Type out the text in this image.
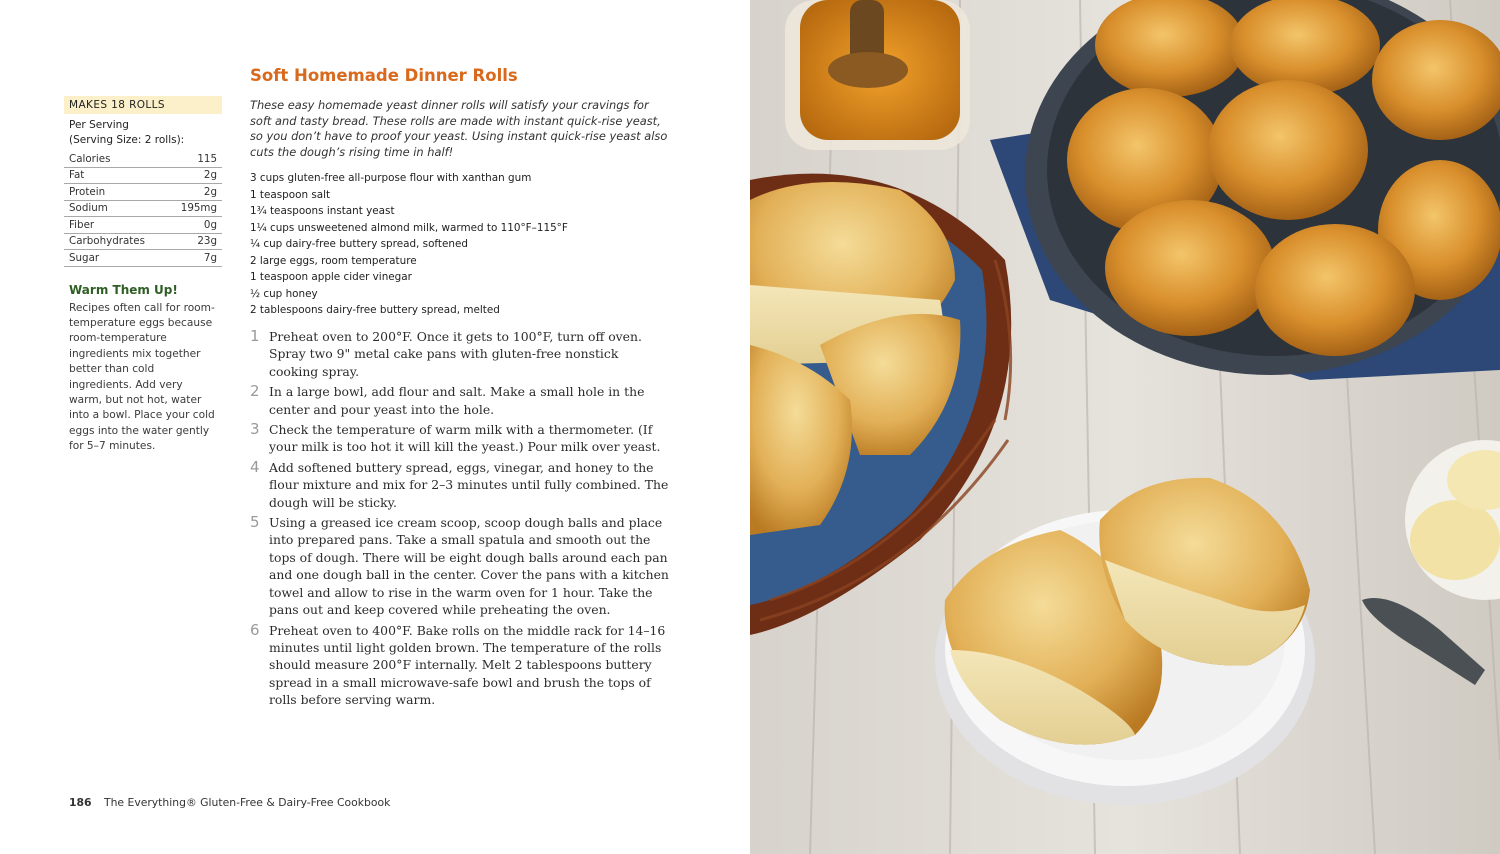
MAKES 18 ROLLS
Per Serving
(Serving Size: 2 rolls):
Calories	115
Fat	2g
Protein	2g
Sodium	195mg
Fiber	0g
Carbohydrates	23g
Sugar	7g
Warm Them Up!
Recipes often call for room-temperature eggs because room-temperature ingredients mix together better than cold ingredients. Add very warm, but not hot, water into a bowl. Place your cold eggs into the water gently for 5–7 minutes.
Soft Homemade Dinner Rolls

These easy homemade yeast dinner rolls will satisfy your cravings for soft and tasty bread. These rolls are made with instant quick-rise yeast, so you don’t have to proof your yeast. Using instant quick-rise yeast also cuts the dough’s rising time in half!

3 cups gluten-free all-purpose flour with xanthan gum
1 teaspoon salt
1¾ teaspoons instant yeast
1¼ cups unsweetened almond milk, warmed to 110°F–115°F
¼ cup dairy-free buttery spread, softened
2 large eggs, room temperature
1 teaspoon apple cider vinegar
½ cup honey
2 tablespoons dairy-free buttery spread, melted
1 Preheat oven to 200°F. Once it gets to 100°F, turn off oven. Spray two 9" metal cake pans with gluten-free nonstick cooking spray.
2 In a large bowl, add flour and salt. Make a small hole in the center and pour yeast into the hole.
3 Check the temperature of warm milk with a thermometer. (If your milk is too hot it will kill the yeast.) Pour milk over yeast.
4 Add softened buttery spread, eggs, vinegar, and honey to the flour mixture and mix for 2–3 minutes until fully combined. The dough will be sticky.
5 Using a greased ice cream scoop, scoop dough balls and place into prepared pans. Take a small spatula and smooth out the tops of dough. There will be eight dough balls around each pan and one dough ball in the center. Cover the pans with a kitchen towel and allow to rise in the warm oven for 1 hour. Take the pans out and keep covered while preheating the oven.
6 Preheat oven to 400°F. Bake rolls on the middle rack for 14–16 minutes until light golden brown. The temperature of the rolls should measure 200°F internally. Melt 2 tablespoons buttery spread in a small microwave-safe bowl and brush the tops of rolls before serving warm.
186 The Everything® Gluten-Free & Dairy-Free Cookbook
